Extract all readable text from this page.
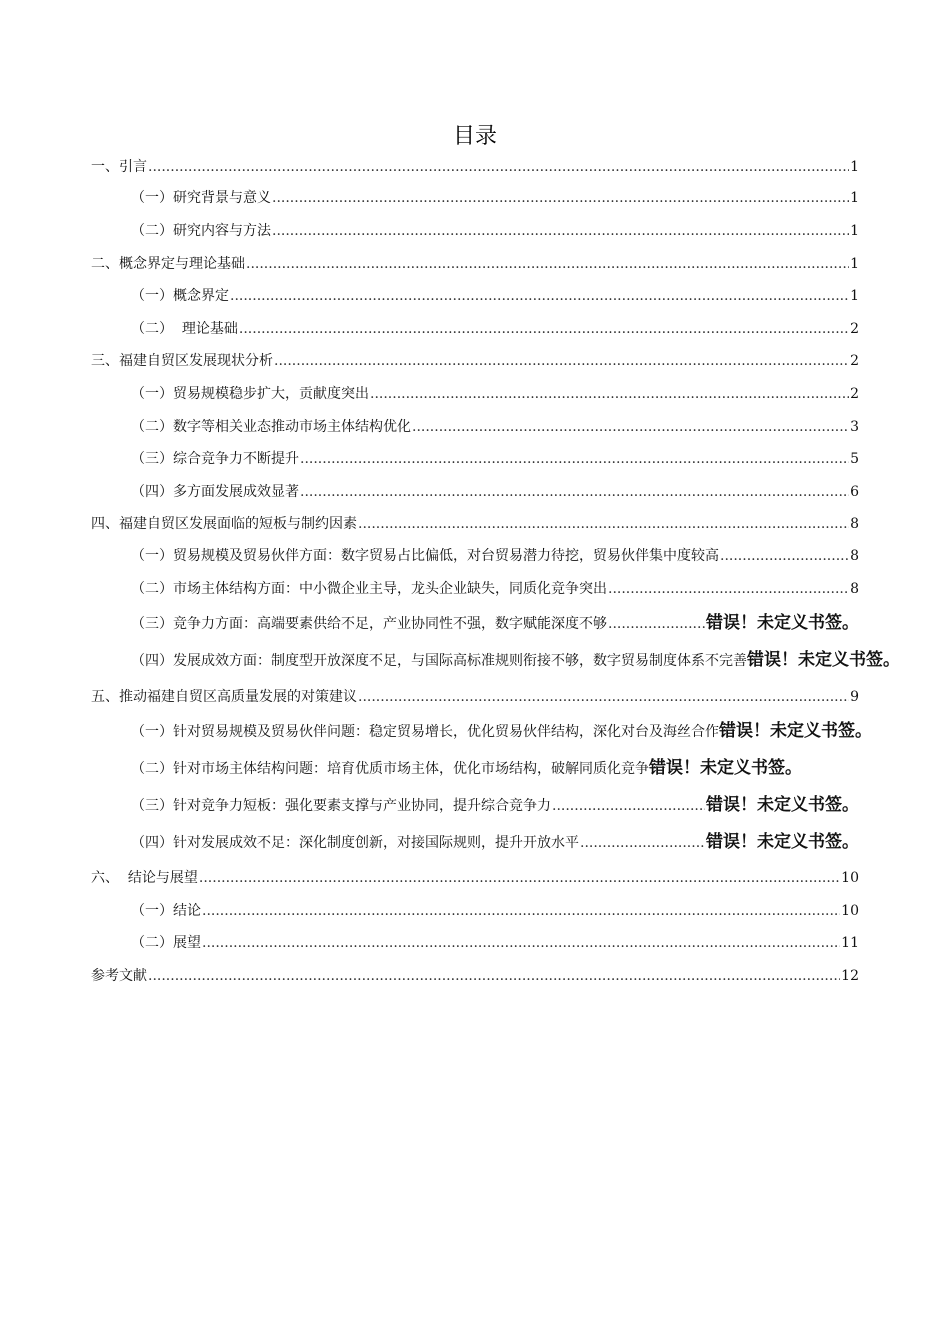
目录
一、引言 .....	1
（一）研究背景与意义 .....	1
（二）研究内容与方法 .....	1
二、概念界定与理论基础 .....	1
（一）概念界定 .....	1
（二）  理论基础 .....	2
三、福建自贸区发展现状分析 .....	2
（一）贸易规模稳步扩大，贡献度突出 .....	2
（二）数字等相关业态推动市场主体结构优化 .....	3
（三）综合竞争力不断提升 .....	5
（四）多方面发展成效显著 .....	6
四、福建自贸区发展面临的短板与制约因素 .....	8
（一）贸易规模及贸易伙伴方面：数字贸易占比偏低，对台贸易潜力待挖，贸易伙伴集中度较高 .....	8
（二）市场主体结构方面：中小微企业主导，龙头企业缺失，同质化竞争突出 .....	8
（三）竞争力方面：高端要素供给不足，产业协同性不强，数字赋能深度不够 .....	错误！未定义书签。
（四）发展成效方面：制度型开放深度不足，与国际高标准规则衔接不够，数字贸易制度体系不完善 错误！未定义书签。
五、推动福建自贸区高质量发展的对策建议 .....	9
（一）针对贸易规模及贸易伙伴问题：稳定贸易增长，优化贸易伙伴结构，深化对台及海丝合作 错误！未定义书签。
（二）针对市场主体结构问题：培育优质市场主体，优化市场结构，破解同质化竞争 错误！未定义书签。
（三）针对竞争力短板：强化要素支撑与产业协同，提升综合竞争力 .....	错误！未定义书签。
（四）针对发展成效不足：深化制度创新，对接国际规则，提升开放水平 .....	错误！未定义书签。
六、  结论与展望 .....	10
（一）结论 .....	10
（二）展望 .....	11
参考文献 .....	12
